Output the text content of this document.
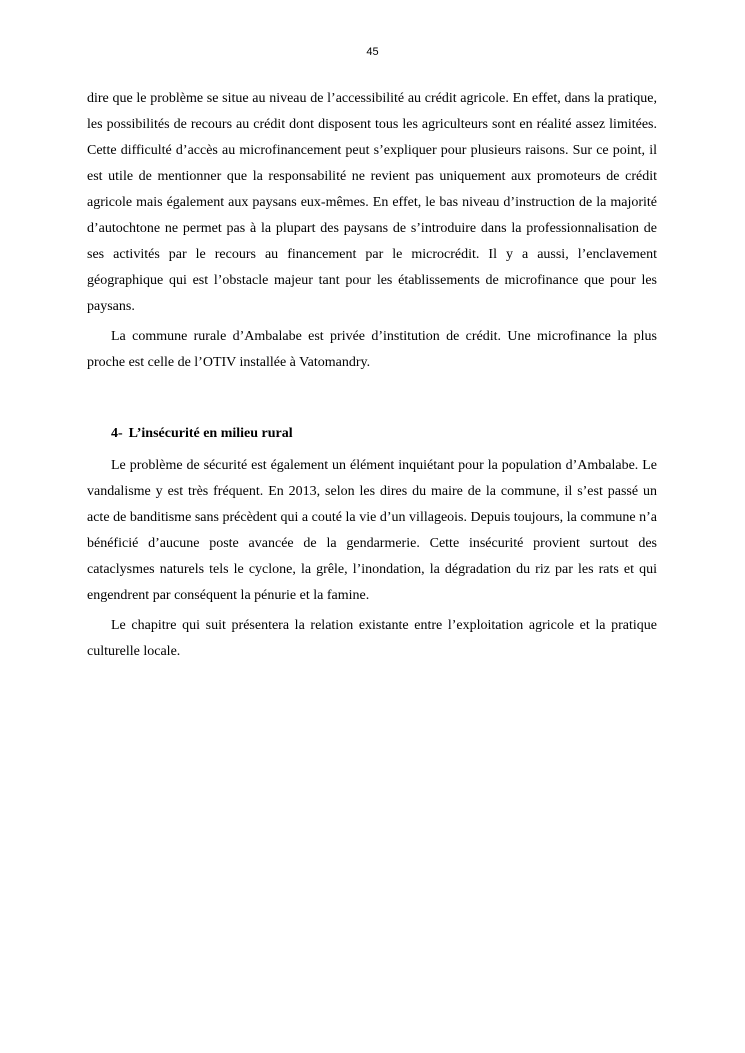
45

dire que le problème se situe au niveau de l’accessibilité au crédit agricole. En effet, dans la pratique, les possibilités de recours au crédit dont disposent tous les agriculteurs sont en réalité assez limitées. Cette difficulté d’accès au microfinancement peut s’expliquer pour plusieurs raisons. Sur ce point, il est utile de mentionner que la responsabilité ne revient pas uniquement aux promoteurs de crédit agricole mais également aux paysans eux-mêmes. En effet, le bas niveau d’instruction de la majorité d’autochtone ne permet pas à la plupart des paysans de s’introduire dans la professionnalisation de ses activités par le recours au financement par le microcrédit. Il y a aussi, l’enclavement géographique qui est l’obstacle majeur tant pour les établissements de microfinance que pour les paysans.

La commune rurale d’Ambalabe est privée d’institution de crédit. Une microfinance la plus proche est celle de l’OTIV installée à Vatomandry.

4- L’insécurité en milieu rural

Le problème de sécurité est également un élément inquiétant pour la population d’Ambalabe. Le vandalisme y est très fréquent. En 2013, selon les dires du maire de la commune, il s’est passé un acte de banditisme sans précèdent qui a couté la vie d’un villageois. Depuis toujours, la commune n’a bénéficié d’aucune poste avancée de la gendarmerie. Cette insécurité provient surtout des cataclysmes naturels tels le cyclone, la grêle, l’inondation, la dégradation du riz par les rats et qui engendrent par conséquent la pénurie et la famine.

Le chapitre qui suit présentera la relation existante entre l’exploitation agricole et la pratique culturelle locale.
